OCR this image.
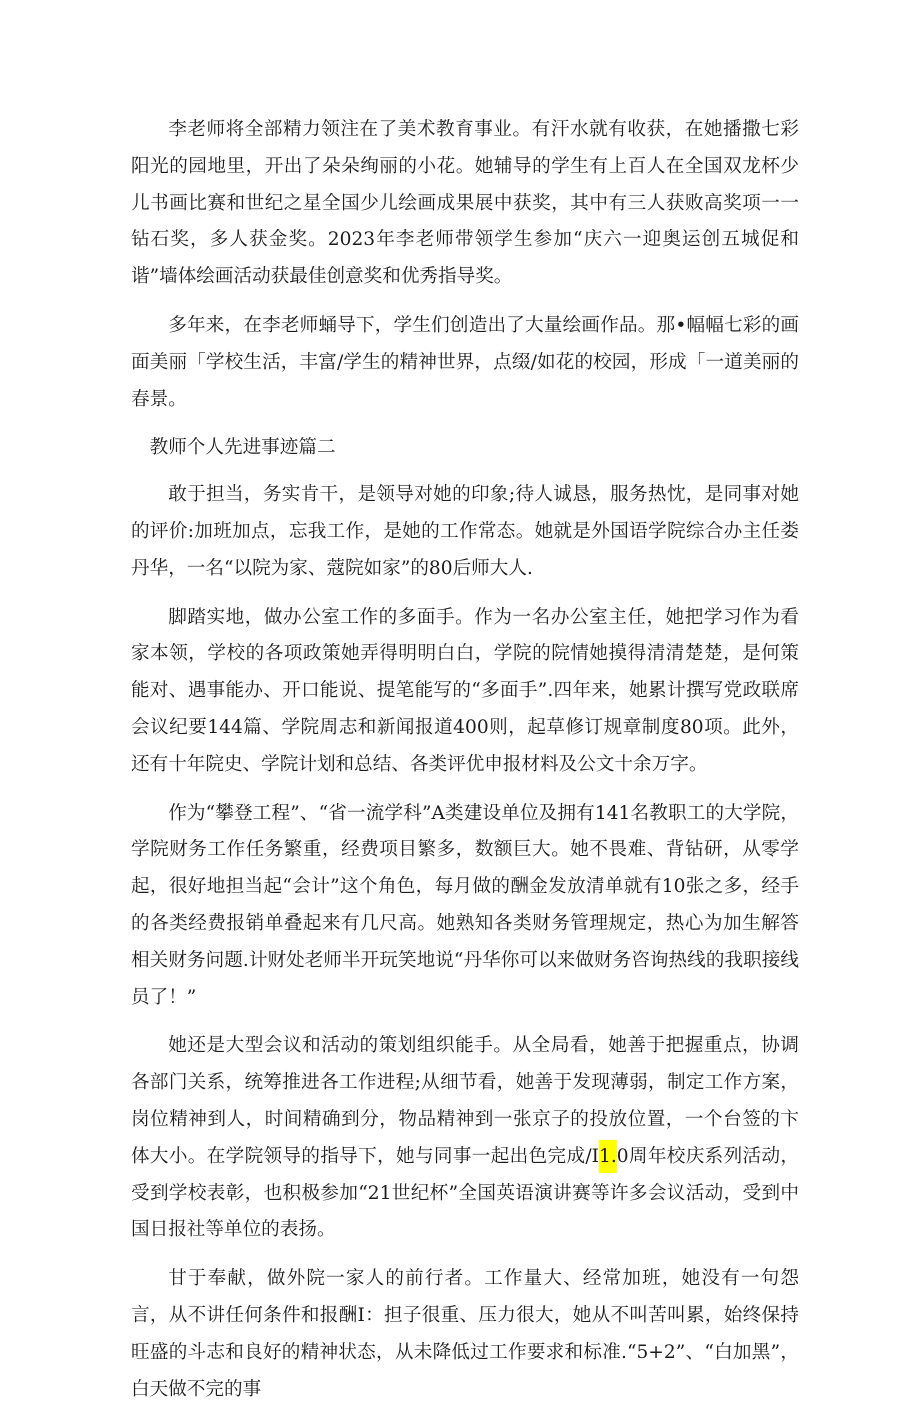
李老师将全部精力领注在了美术教育事业。有汗水就有收获，在她播撒七彩阳光的园地里，开出了朵朵绚丽的小花。她辅导的学生有上百人在全国双龙杯少儿书画比赛和世纪之星全国少儿绘画成果展中获奖，其中有三人获败高奖项一一钻石奖，多人获金奖。2023年李老师带领学生参加“庆六一迎奥运创五城促和谐”墙体绘画活动获最佳创意奖和优秀指导奖。

多年来，在李老师蛹导下，学生们创造出了大量绘画作品。那•幅幅七彩的画面美丽「学校生活，丰富/学生的精神世界，点缀/如花的校园，形成「一道美丽的春景。

教师个人先进事迹篇二

敢于担当，务实肯干，是领导对她的印象;待人诚恳，服务热忱，是同事对她的评价:加班加点，忘我工作，是她的工作常态。她就是外国语学院综合办主任娄丹华，一名“以院为家、蔻院如家”的80后师大人.

脚踏实地，做办公室工作的多面手。作为一名办公室主任，她把学习作为看家本领，学校的各项政策她弄得明明白白，学院的院情她摸得清清楚楚，是何策能对、遇事能办、开口能说、提笔能写的“多面手”.四年来，她累计撰写党政联席会议纪要144篇、学院周志和新闻报道400则，起草修订规章制度80项。此外，还有十年院史、学院计划和总结、各类评优申报材料及公文十余万字。

作为“攀登工程”、“省一流学科”A类建设单位及拥有141名教职工的大学院，学院财务工作任务繁重，经费项目繁多，数额巨大。她不畏难、背钻研，从零学起，很好地担当起“会计”这个角色，每月做的酬金发放清单就有10张之多，经手的各类经费报销单叠起来有几尺高。她熟知各类财务管理规定，热心为加生解答相关财务问题.计财处老师半开玩笑地说“丹华你可以来做财务咨询热线的我职接线员了！”

她还是大型会议和活动的策划组织能手。从全局看，她善于把握重点，协调各部门关系，统筹推进各工作进程;从细节看，她善于发现薄弱，制定工作方案，岗位精神到人，时间精确到分，物品精神到一张京子的投放位置，一个台签的卞体大小。在学院领导的指导下，她与同事一起出色完成/I1.0周年校庆系列活动，受到学校表彰，也积极参加“21世纪杯”全国英语演讲赛等许多会议活动，受到中国日报社等单位的表扬。

甘于奉献，做外院一家人的前行者。工作量大、经常加班，她没有一句怨言，从不讲任何条件和报酬I：担子很重、压力很大，她从不叫苦叫累，始终保持旺盛的斗志和良好的精神状态，从未降低过工作要求和标准.“5+2”、“白加黑”，白天做不完的事
